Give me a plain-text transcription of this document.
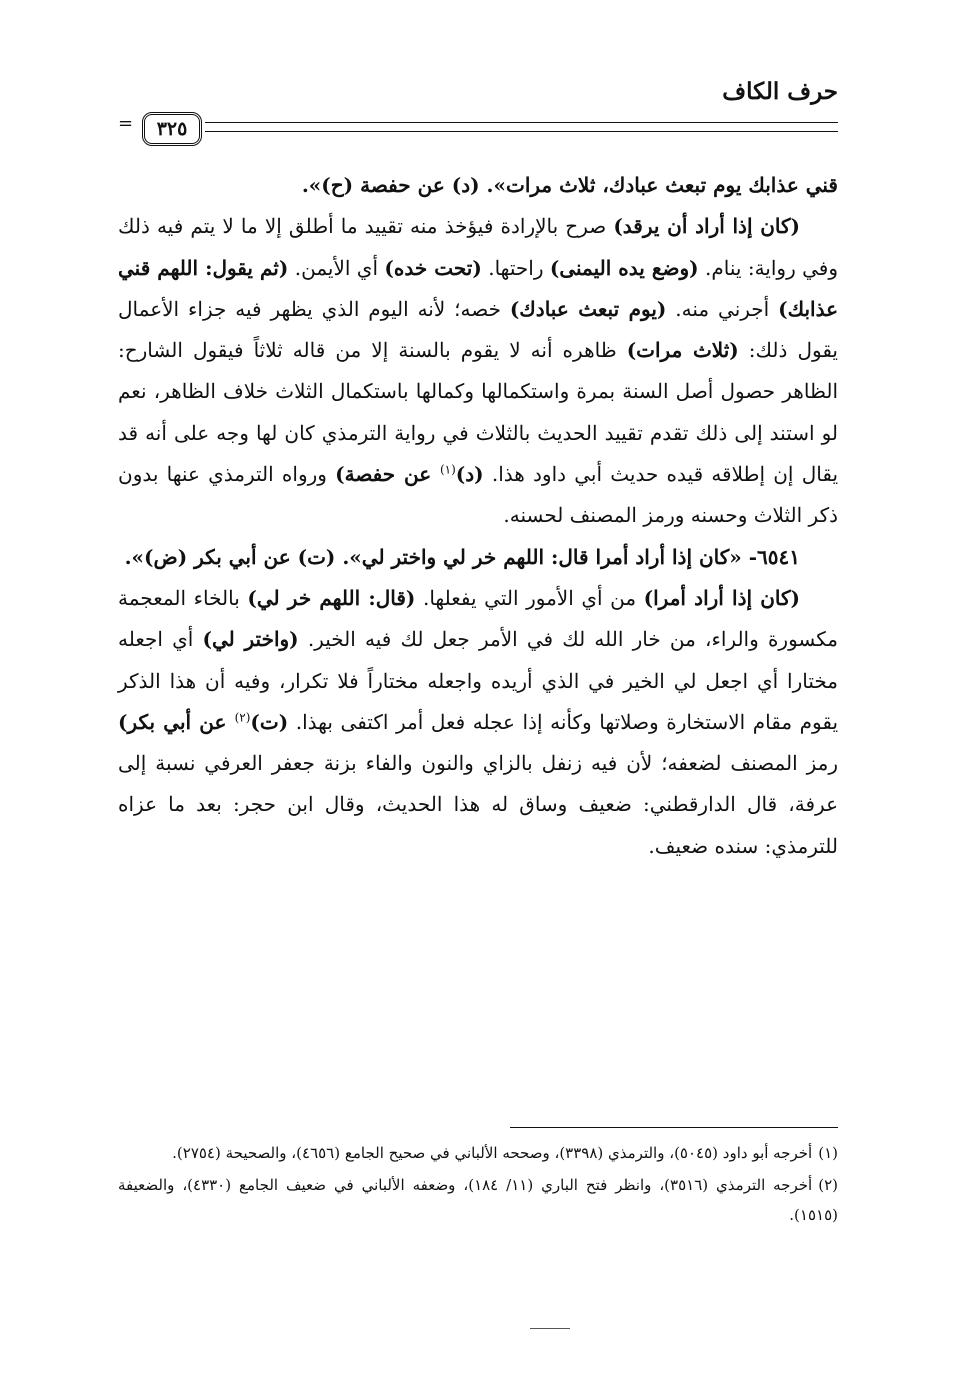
حرف الكاف
٣٢٥
=

قني عذابك يوم تبعث عبادك، ثلاث مرات». (د) عن حفصة (ح)».

(كان إذا أراد أن يرقد) صرح بالإرادة فيؤخذ منه تقييد ما أطلق إلا ما لا يتم فيه ذلك وفي رواية: ينام. (وضع يده اليمنى) راحتها. (تحت خده) أي الأيمن. (ثم يقول: اللهم قني عذابك) أجرني منه. (يوم تبعث عبادك) خصه؛ لأنه اليوم الذي يظهر فيه جزاء الأعمال يقول ذلك: (ثلاث مرات) ظاهره أنه لا يقوم بالسنة إلا من قاله ثلاثاً فيقول الشارح: الظاهر حصول أصل السنة بمرة واستكمالها وكمالها باستكمال الثلاث خلاف الظاهر، نعم لو استند إلى ذلك تقدم تقييد الحديث بالثلاث في رواية الترمذي كان لها وجه على أنه قد يقال إن إطلاقه قيده حديث أبي داود هذا. (د)$^{(١)}$ عن حفصة) ورواه الترمذي عنها بدون ذكر الثلاث وحسنه ورمز المصنف لحسنه.

٦٥٤١- «كان إذا أراد أمرا قال: اللهم خر لي واختر لي». (ت) عن أبي بكر (ض)».

(كان إذا أراد أمرا) من أي الأمور التي يفعلها. (قال: اللهم خر لي) بالخاء المعجمة مكسورة والراء، من خار الله لك في الأمر جعل لك فيه الخير. (واختر لي) أي اجعله مختارا أي اجعل لي الخير في الذي أريده واجعله مختاراً فلا تكرار، وفيه أن هذا الذكر يقوم مقام الاستخارة وصلاتها وكأنه إذا عجله فعل أمر اكتفى بهذا. (ت)$^{(٢)}$ عن أبي بكر) رمز المصنف لضعفه؛ لأن فيه زنفل بالزاي والنون والفاء بزنة جعفر العرفي نسبة إلى عرفة، قال الدارقطني: ضعيف وساق له هذا الحديث، وقال ابن حجر: بعد ما عزاه للترمذي: سنده ضعيف.

(١)أخرجه أبو داود (٥٠٤٥)، والترمذي (٣٣٩٨)، وصححه الألباني في صحيح الجامع (٤٦٥٦)، والصحيحة (٢٧٥٤).

(٢)أخرجه الترمذي (٣٥١٦)، وانظر فتح الباري (١١/ ١٨٤)، وضعفه الألباني في ضعيف الجامع (٤٣٣٠)، والضعيفة (١٥١٥).
